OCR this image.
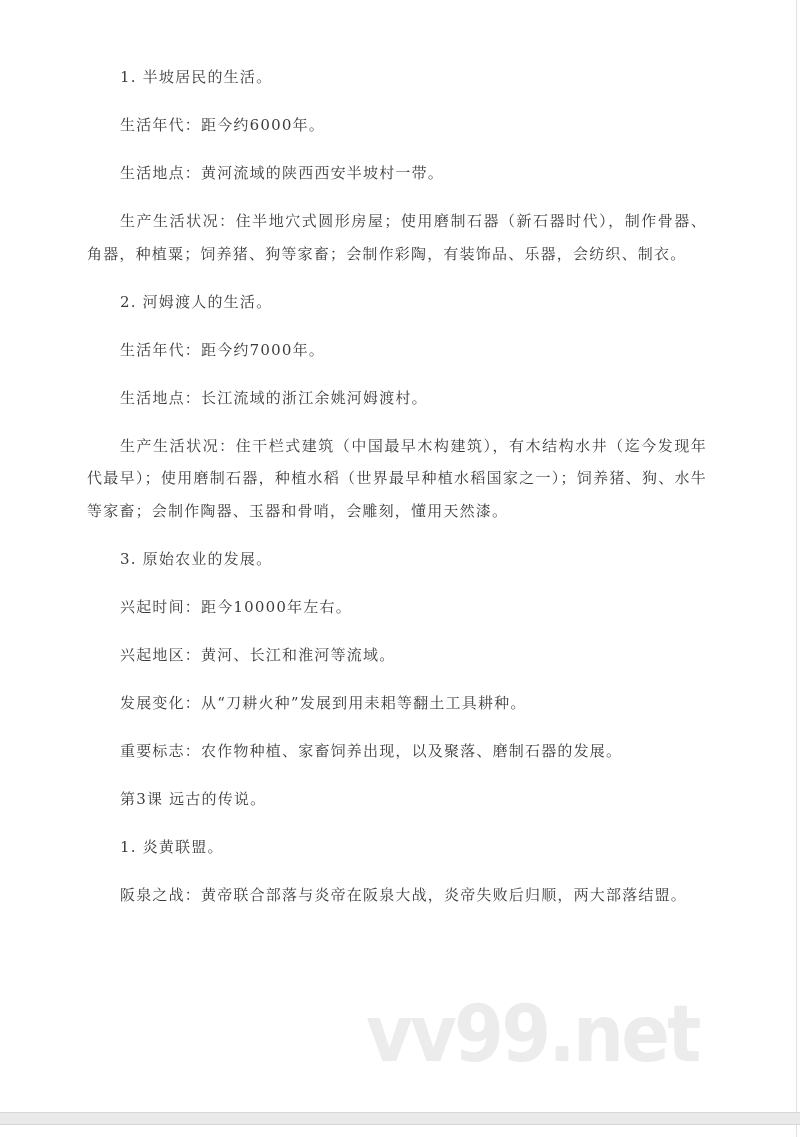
1. 半坡居民的生活。

生活年代：距今约6000年。

生活地点：黄河流域的陕西西安半坡村一带。

生产生活状况：住半地穴式圆形房屋；使用磨制石器（新石器时代），制作骨器、角器，种植粟；饲养猪、狗等家畜；会制作彩陶，有装饰品、乐器，会纺织、制衣。

2. 河姆渡人的生活。

生活年代：距今约7000年。

生活地点：长江流域的浙江余姚河姆渡村。

生产生活状况：住干栏式建筑（中国最早木构建筑），有木结构水井（迄今发现年代最早）；使用磨制石器，种植水稻（世界最早种植水稻国家之一）；饲养猪、狗、水牛等家畜；会制作陶器、玉器和骨哨，会雕刻，懂用天然漆。

3. 原始农业的发展。

兴起时间：距今10000年左右。

兴起地区：黄河、长江和淮河等流域。

发展变化：从“刀耕火种”发展到用耒耜等翻土工具耕种。

重要标志：农作物种植、家畜饲养出现，以及聚落、磨制石器的发展。

第3课 远古的传说。

1. 炎黄联盟。

阪泉之战：黄帝联合部落与炎帝在阪泉大战，炎帝失败后归顺，两大部落结盟。

vv99.net
